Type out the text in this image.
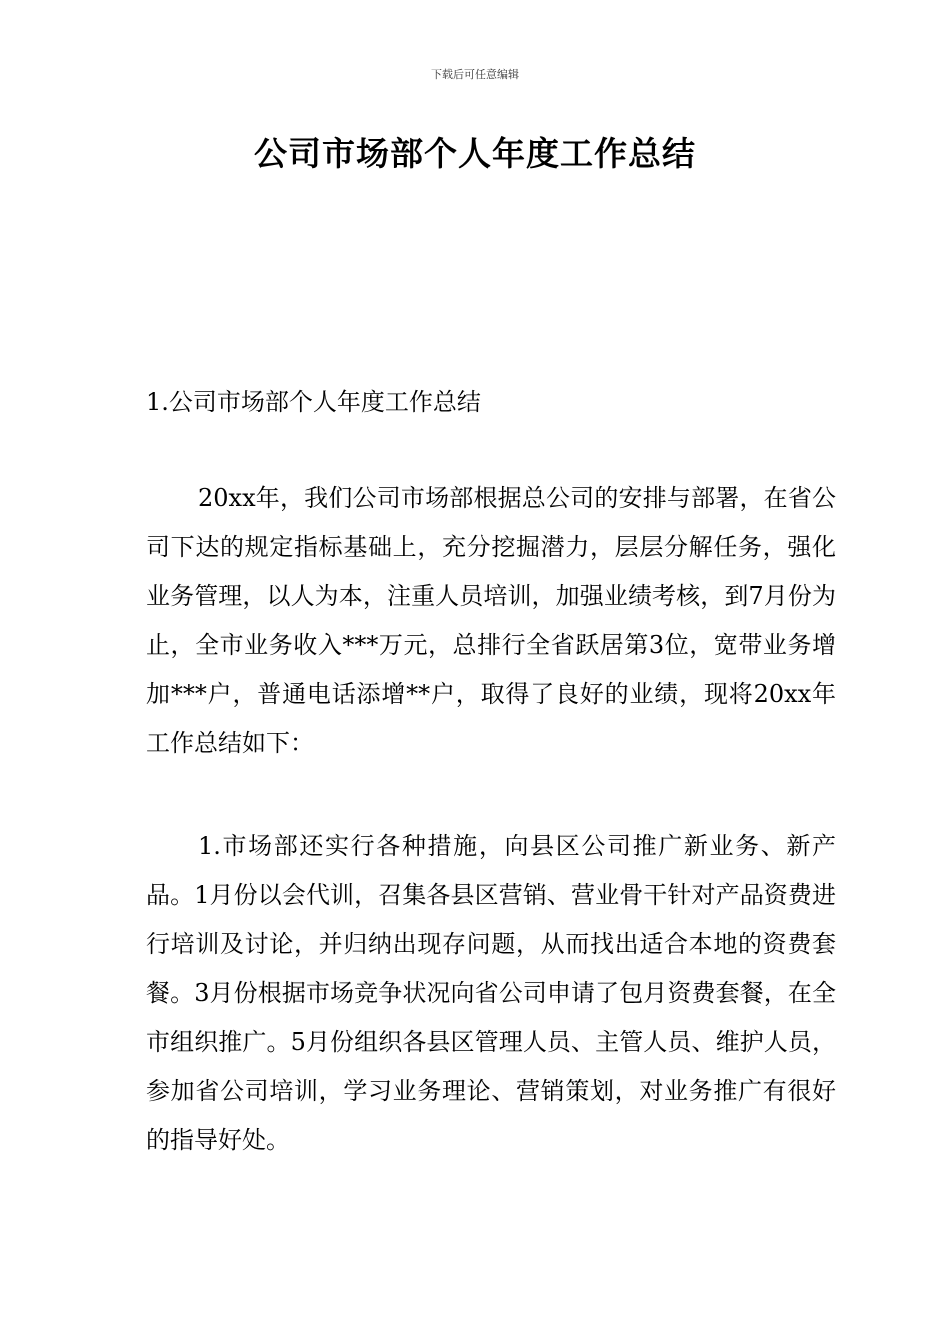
下载后可任意编辑
公司市场部个人年度工作总结
1.公司市场部个人年度工作总结

20xx年，我们公司市场部根据总公司的安排与部署，在省公司下达的规定指标基础上，充分挖掘潜力，层层分解任务，强化业务管理，以人为本，注重人员培训，加强业绩考核，到7月份为止，全市业务收入***万元，总排行全省跃居第3位，宽带业务增加***户，普通电话添增**户，取得了良好的业绩，现将20xx年工作总结如下：

1.市场部还实行各种措施，向县区公司推广新业务、新产品。1月份以会代训，召集各县区营销、营业骨干针对产品资费进行培训及讨论，并归纳出现存问题，从而找出适合本地的资费套餐。3月份根据市场竞争状况向省公司申请了包月资费套餐，在全市组织推广。5月份组织各县区管理人员、主管人员、维护人员，参加省公司培训，学习业务理论、营销策划，对业务推广有很好的指导好处。
